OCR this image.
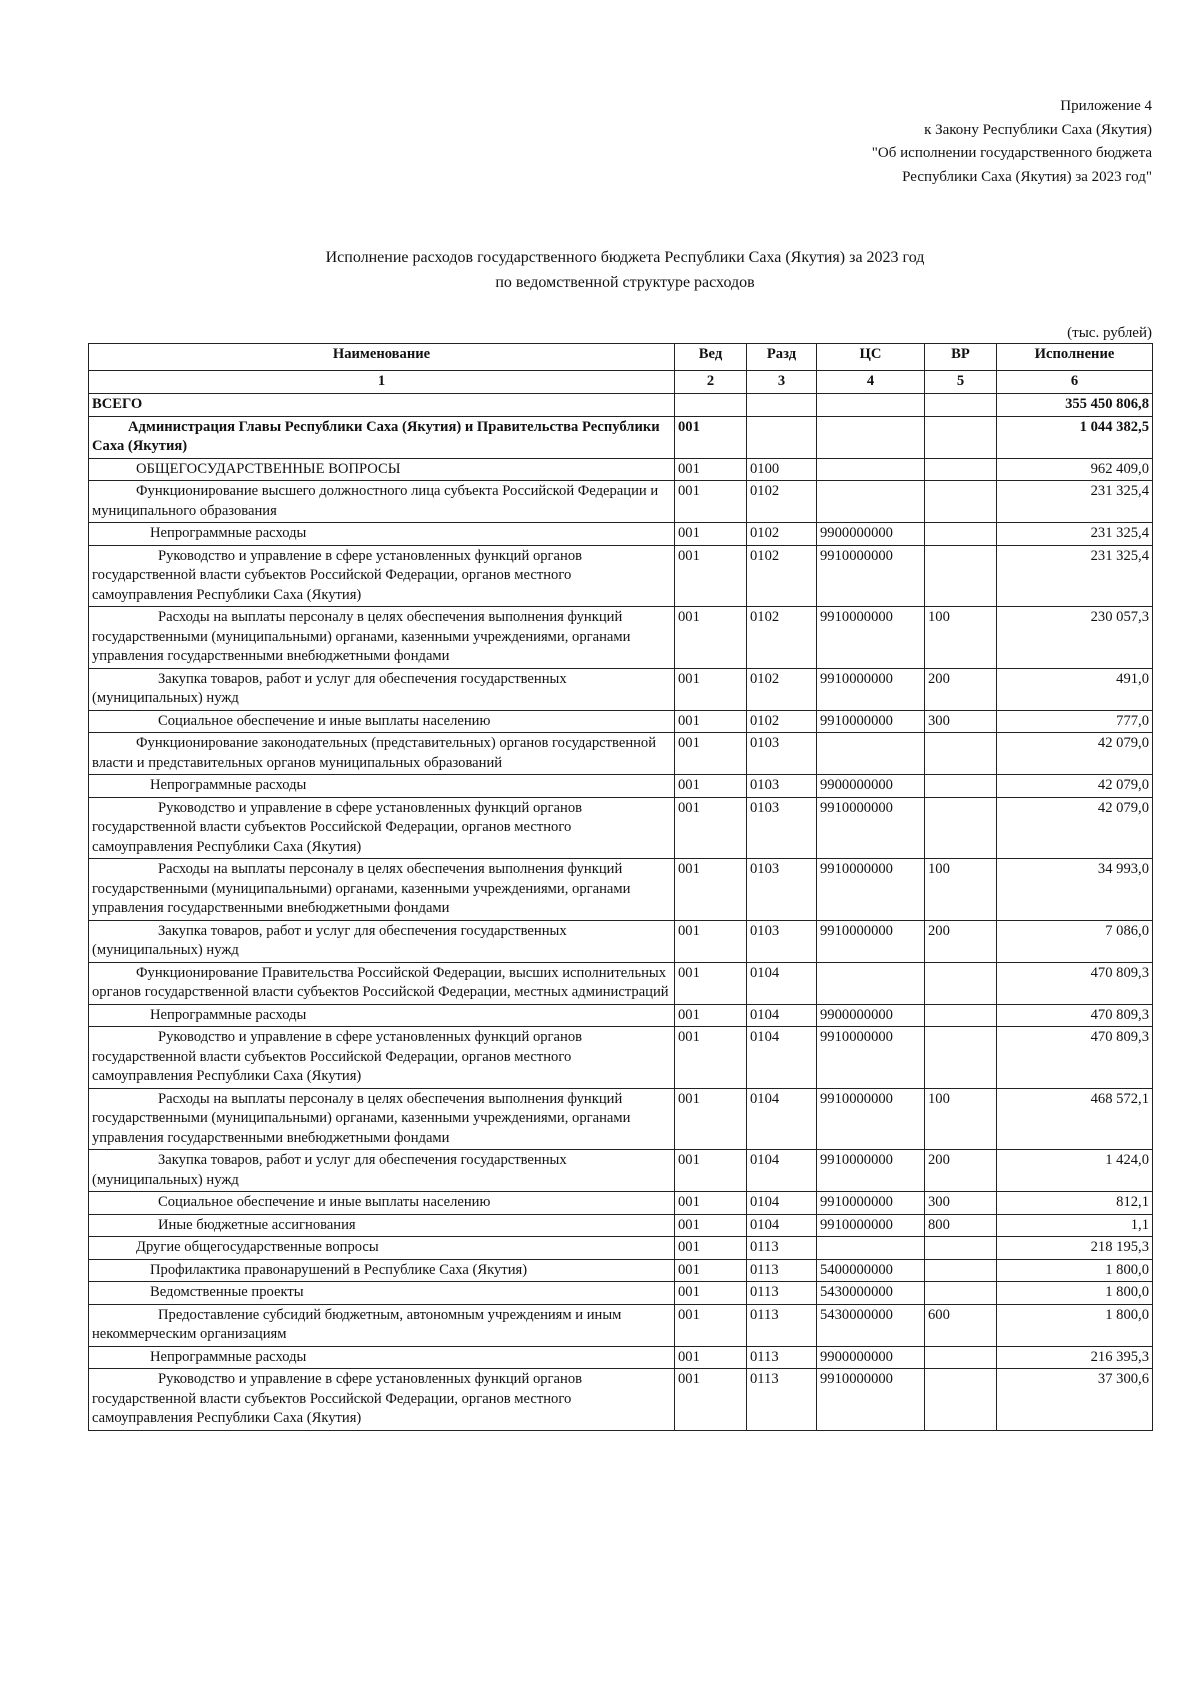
Приложение 4
к Закону Республики Саха (Якутия)
"Об исполнении государственного бюджета
Республики Саха (Якутия) за 2023 год"
Исполнение расходов государственного бюджета Республики Саха (Якутия) за 2023 год
по ведомственной структуре расходов
(тыс. рублей)
Наименование	Вед	Разд	ЦС	ВР	Исполнение
1	2	3	4	5	6
ВСЕГО					355 450 806,8
Администрация Главы Республики Саха (Якутия) и Правительства Республики Саха (Якутия)	001				1 044 382,5
ОБЩЕГОСУДАРСТВЕННЫЕ ВОПРОСЫ	001	0100			962 409,0
Функционирование высшего должностного лица субъекта Российской Федерации и муниципального образования	001	0102			231 325,4
Непрограммные расходы	001	0102	9900000000		231 325,4
Руководство и управление в сфере установленных функций органов государственной власти субъектов Российской Федерации, органов местного самоуправления Республики Саха (Якутия)	001	0102	9910000000		231 325,4
Расходы на выплаты персоналу в целях обеспечения выполнения функций государственными (муниципальными) органами, казенными учреждениями, органами управления государственными внебюджетными фондами	001	0102	9910000000	100	230 057,3
Закупка товаров, работ и услуг для обеспечения государственных (муниципальных) нужд	001	0102	9910000000	200	491,0
Социальное обеспечение и иные выплаты населению	001	0102	9910000000	300	777,0
Функционирование законодательных (представительных) органов государственной власти и представительных органов муниципальных образований	001	0103			42 079,0
Непрограммные расходы	001	0103	9900000000		42 079,0
Руководство и управление в сфере установленных функций органов государственной власти субъектов Российской Федерации, органов местного самоуправления Республики Саха (Якутия)	001	0103	9910000000		42 079,0
Расходы на выплаты персоналу в целях обеспечения выполнения функций государственными (муниципальными) органами, казенными учреждениями, органами управления государственными внебюджетными фондами	001	0103	9910000000	100	34 993,0
Закупка товаров, работ и услуг для обеспечения государственных (муниципальных) нужд	001	0103	9910000000	200	7 086,0
Функционирование Правительства Российской Федерации, высших исполнительных органов государственной власти субъектов Российской Федерации, местных администраций	001	0104			470 809,3
Непрограммные расходы	001	0104	9900000000		470 809,3
Руководство и управление в сфере установленных функций органов государственной власти субъектов Российской Федерации, органов местного самоуправления Республики Саха (Якутия)	001	0104	9910000000		470 809,3
Расходы на выплаты персоналу в целях обеспечения выполнения функций государственными (муниципальными) органами, казенными учреждениями, органами управления государственными внебюджетными фондами	001	0104	9910000000	100	468 572,1
Закупка товаров, работ и услуг для обеспечения государственных (муниципальных) нужд	001	0104	9910000000	200	1 424,0
Социальное обеспечение и иные выплаты населению	001	0104	9910000000	300	812,1
Иные бюджетные ассигнования	001	0104	9910000000	800	1,1
Другие общегосударственные вопросы	001	0113			218 195,3
Профилактика правонарушений в Республике Саха (Якутия)	001	0113	5400000000		1 800,0
Ведомственные проекты	001	0113	5430000000		1 800,0
Предоставление субсидий бюджетным, автономным учреждениям и иным некоммерческим организациям	001	0113	5430000000	600	1 800,0
Непрограммные расходы	001	0113	9900000000		216 395,3
Руководство и управление в сфере установленных функций органов государственной власти субъектов Российской Федерации, органов местного самоуправления Республики Саха (Якутия)	001	0113	9910000000		37 300,6
